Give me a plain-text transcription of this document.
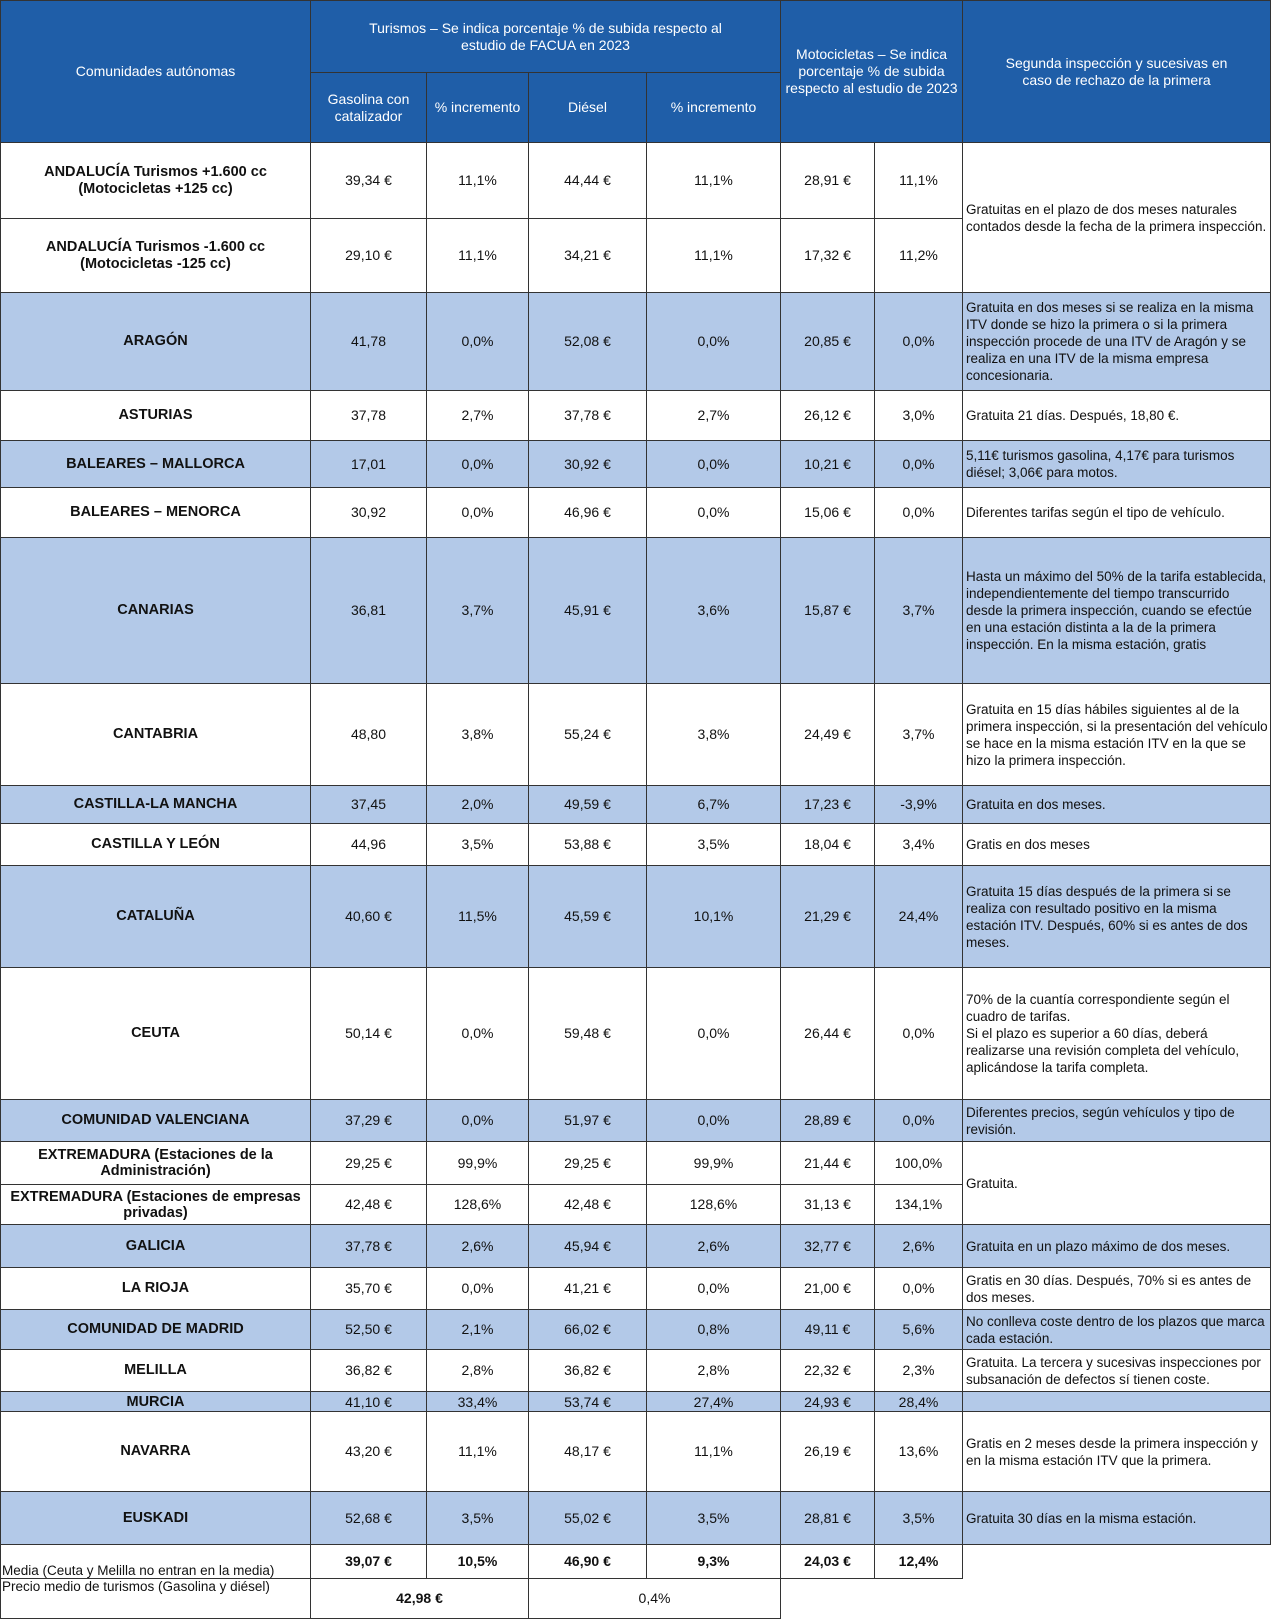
Comunidades autónomas	Turismos – Se indica porcentaje % de subida respecto al estudio de FACUA en 2023				Motocicletas – Se indica porcentaje % de subida respecto al estudio de 2023		Segunda inspección y sucesivas en caso de rechazo de la primera
	Gasolina con catalizador	% incremento	Diésel	% incremento			
ANDALUCÍA Turismos +1.600 cc (Motocicletas +125 cc)	39,34 €	11,1%	44,44 €	11,1%	28,91 €	11,1%	Gratuitas en el plazo de dos meses naturales contados desde la fecha de la primera inspección.
ANDALUCÍA Turismos -1.600 cc (Motocicletas -125 cc)	29,10 €	11,1%	34,21 €	11,1%	17,32 €	11,2%	
ARAGÓN	41,78	0,0%	52,08 €	0,0%	20,85 €	0,0%	Gratuita en dos meses si se realiza en la misma ITV donde se hizo la primera o si la primera inspección procede de una ITV de Aragón y se realiza en una ITV de la misma empresa concesionaria.
ASTURIAS	37,78	2,7%	37,78 €	2,7%	26,12 €	3,0%	Gratuita 21 días. Después, 18,80 €.
BALEARES – MALLORCA	17,01	0,0%	30,92 €	0,0%	10,21 €	0,0%	5,11€ turismos gasolina, 4,17€ para turismos diésel; 3,06€ para motos.
BALEARES – MENORCA	30,92	0,0%	46,96 €	0,0%	15,06 €	0,0%	Diferentes tarifas según el tipo de vehículo.
CANARIAS	36,81	3,7%	45,91 €	3,6%	15,87 €	3,7%	Hasta un máximo del 50% de la tarifa establecida, independientemente del tiempo transcurrido desde la primera inspección, cuando se efectúe en una estación distinta a la de la primera inspección. En la misma estación, gratis
CANTABRIA	48,80	3,8%	55,24 €	3,8%	24,49 €	3,7%	Gratuita en 15 días hábiles siguientes al de la primera inspección, si la presentación del vehículo se hace en la misma estación ITV en la que se hizo la primera inspección.
CASTILLA-LA MANCHA	37,45	2,0%	49,59 €	6,7%	17,23 €	-3,9%	Gratuita en dos meses.
CASTILLA Y LEÓN	44,96	3,5%	53,88 €	3,5%	18,04 €	3,4%	Gratis en dos meses
CATALUÑA	40,60 €	11,5%	45,59 €	10,1%	21,29 €	24,4%	Gratuita 15 días después de la primera si se realiza con resultado positivo en la misma estación ITV. Después, 60% si es antes de dos meses.
CEUTA	50,14 €	0,0%	59,48 €	0,0%	26,44 €	0,0%	70% de la cuantía correspondiente según el cuadro de tarifas.
Si el plazo es superior a 60 días, deberá realizarse una revisión completa del vehículo, aplicándose la tarifa completa.
COMUNIDAD VALENCIANA	37,29 €	0,0%	51,97 €	0,0%	28,89 €	0,0%	Diferentes precios, según vehículos y tipo de revisión.
EXTREMADURA (Estaciones de la Administración)	29,25 €	99,9%	29,25 €	99,9%	21,44 €	100,0%	Gratuita.
EXTREMADURA (Estaciones de empresas privadas)	42,48 €	128,6%	42,48 €	128,6%	31,13 €	134,1%	
GALICIA	37,78 €	2,6%	45,94 €	2,6%	32,77 €	2,6%	Gratuita en un plazo máximo de dos meses.
LA RIOJA	35,70 €	0,0%	41,21 €	0,0%	21,00 €	0,0%	Gratis en 30 días. Después, 70% si es antes de dos meses.
COMUNIDAD DE MADRID	52,50 €	2,1%	66,02 €	0,8%	49,11 €	5,6%	No conlleva coste dentro de los plazos que marca cada estación.
MELILLA	36,82 €	2,8%	36,82 €	2,8%	22,32 €	2,3%	Gratuita. La tercera y sucesivas inspecciones por subsanación de defectos sí tienen coste.
MURCIA	41,10 €	33,4%	53,74 €	27,4%	24,93 €	28,4%	
NAVARRA	43,20 €	11,1%	48,17 €	11,1%	26,19 €	13,6%	Gratis en 2 meses desde la primera inspección y en la misma estación ITV que la primera.
EUSKADI	52,68 €	3,5%	55,02 €	3,5%	28,81 €	3,5%	Gratuita 30 días en la misma estación.
Media (Ceuta y Melilla no entran en la media)	39,07 €	10,5%	46,90 €	9,3%	24,03 €	12,4%	
Precio medio de turismos (Gasolina y diésel)	42,98 €		0,4%				
